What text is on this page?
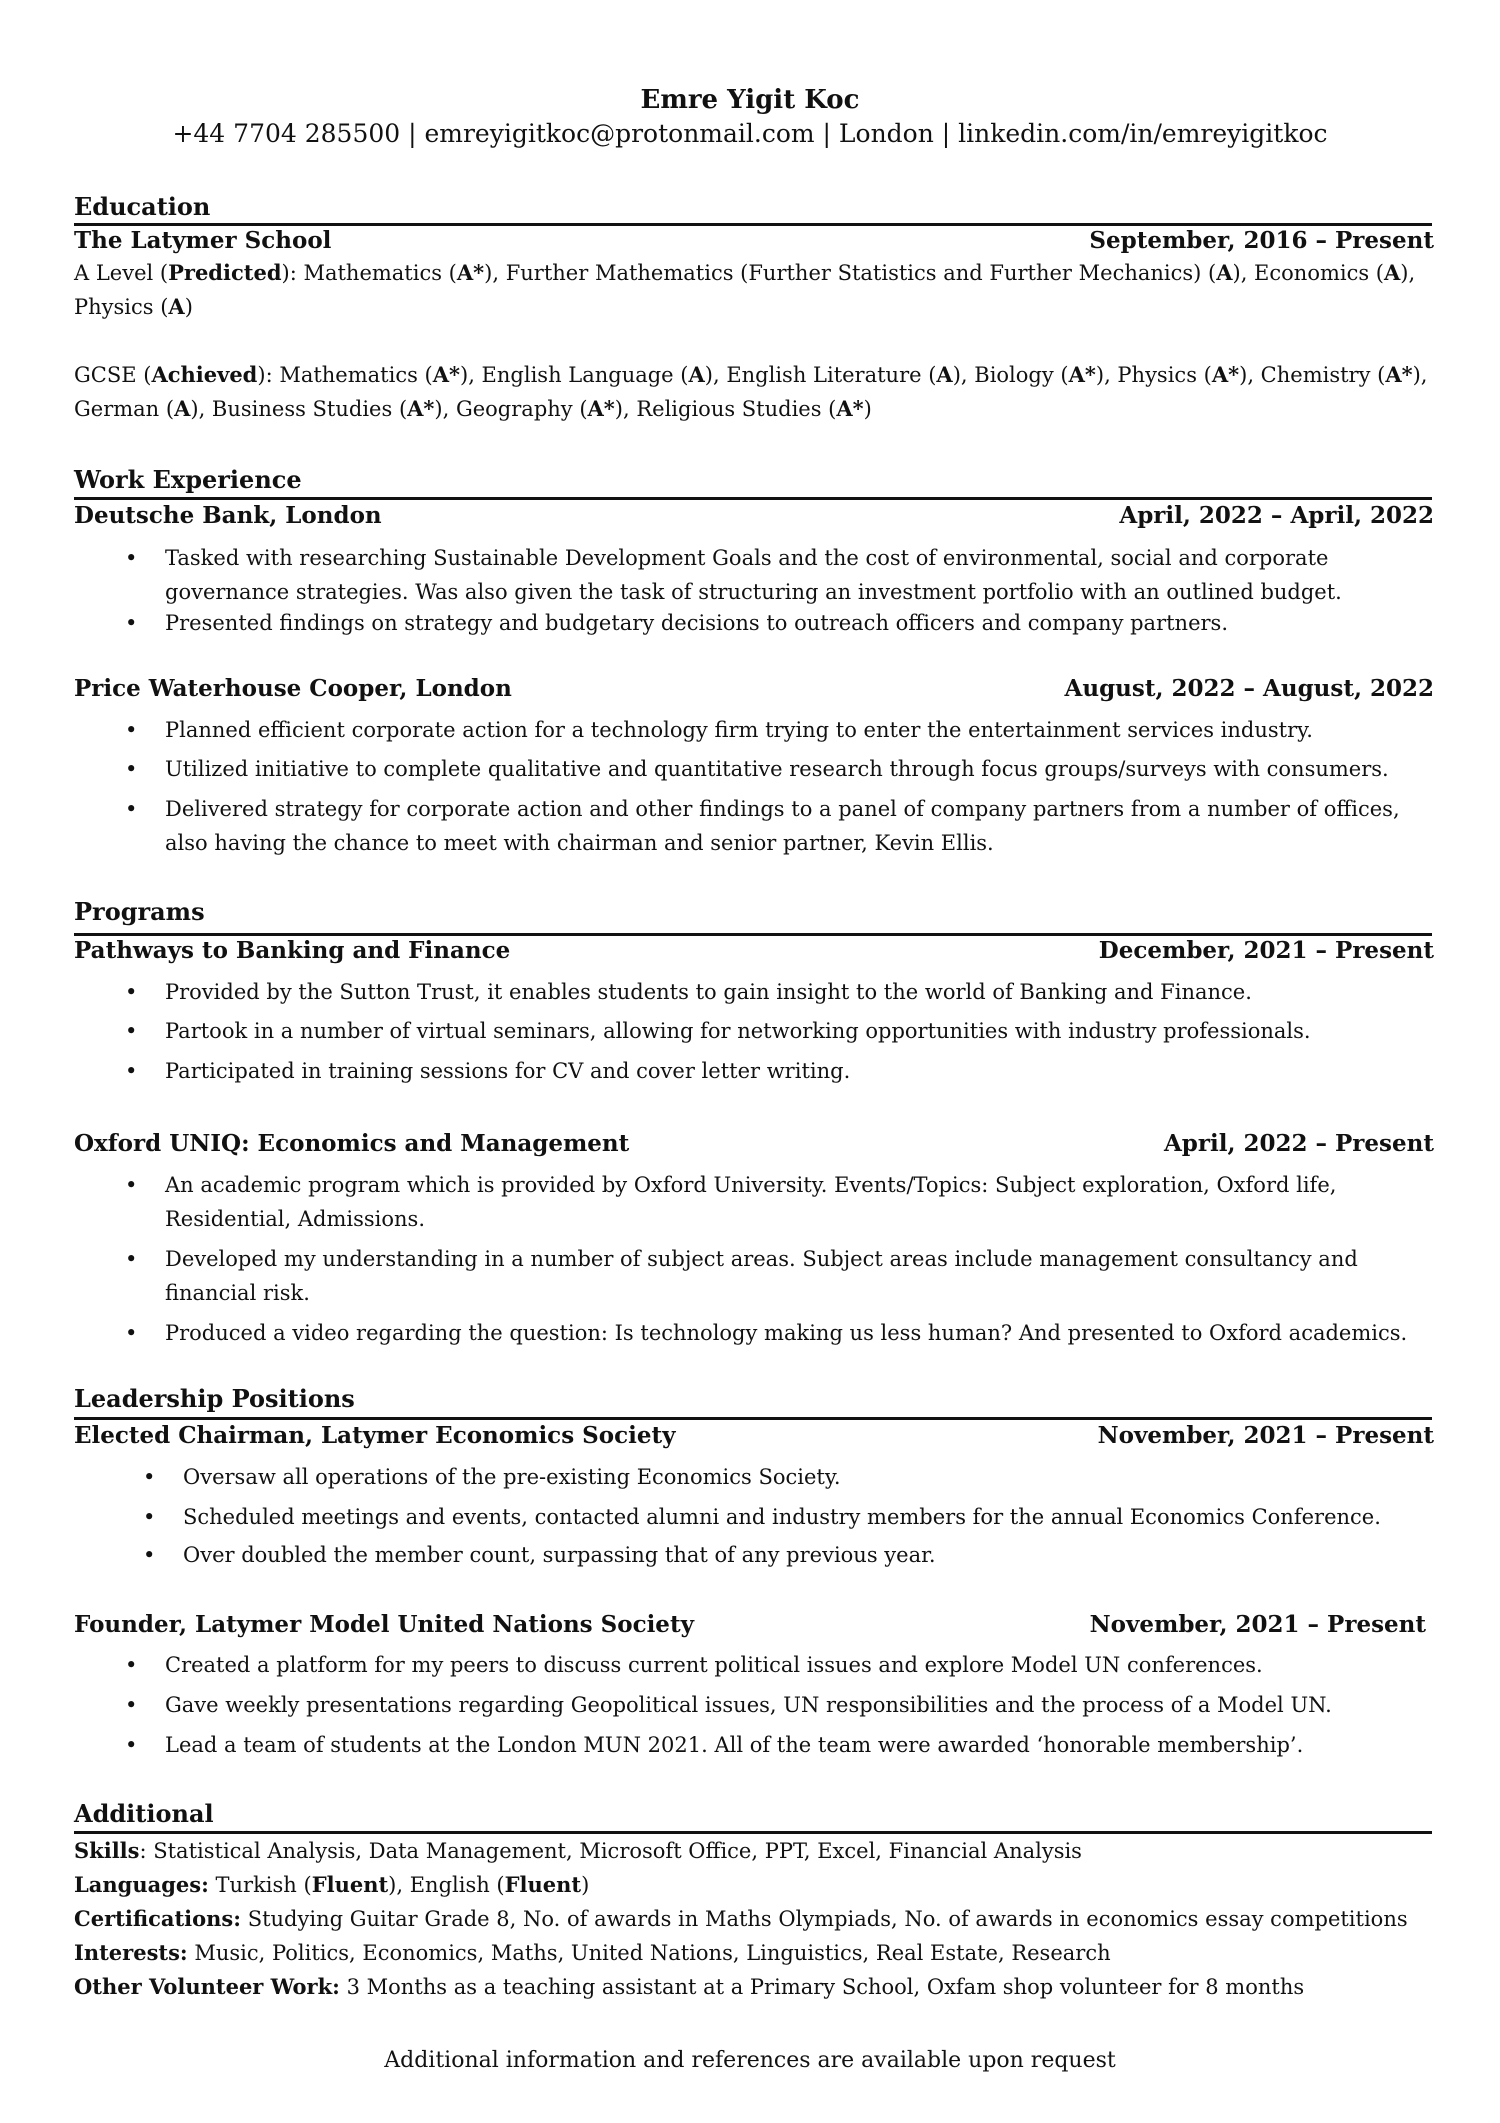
Emre Yigit Koc
+44 7704 285500 | emreyigitkoc@protonmail.com | London | linkedin.com/in/emreyigitkoc
Education
The Latymer School	September, 2016 – Present
A Level (Predicted): Mathematics (A*), Further Mathematics (Further Statistics and Further Mechanics) (A), Economics (A), Physics (A)
GCSE (Achieved): Mathematics (A*), English Language (A), English Literature (A), Biology (A*), Physics (A*), Chemistry (A*), German (A), Business Studies (A*), Geography (A*), Religious Studies (A*)
Work Experience
Deutsche Bank, London	April, 2022 – April, 2022
• Tasked with researching Sustainable Development Goals and the cost of environmental, social and corporate governance strategies. Was also given the task of structuring an investment portfolio with an outlined budget.
• Presented findings on strategy and budgetary decisions to outreach officers and company partners.
Price Waterhouse Cooper, London	August, 2022 – August, 2022
• Planned efficient corporate action for a technology firm trying to enter the entertainment services industry.
• Utilized initiative to complete qualitative and quantitative research through focus groups/surveys with consumers.
• Delivered strategy for corporate action and other findings to a panel of company partners from a number of offices, also having the chance to meet with chairman and senior partner, Kevin Ellis.
Programs
Pathways to Banking and Finance	December, 2021 – Present
• Provided by the Sutton Trust, it enables students to gain insight to the world of Banking and Finance.
• Partook in a number of virtual seminars, allowing for networking opportunities with industry professionals.
• Participated in training sessions for CV and cover letter writing.
Oxford UNIQ: Economics and Management	April, 2022 – Present
• An academic program which is provided by Oxford University. Events/Topics: Subject exploration, Oxford life, Residential, Admissions.
• Developed my understanding in a number of subject areas. Subject areas include management consultancy and financial risk.
• Produced a video regarding the question: Is technology making us less human? And presented to Oxford academics.
Leadership Positions
Elected Chairman, Latymer Economics Society	November, 2021 – Present
• Oversaw all operations of the pre-existing Economics Society.
• Scheduled meetings and events, contacted alumni and industry members for the annual Economics Conference.
• Over doubled the member count, surpassing that of any previous year.
Founder, Latymer Model United Nations Society	November, 2021 – Present
• Created a platform for my peers to discuss current political issues and explore Model UN conferences.
• Gave weekly presentations regarding Geopolitical issues, UN responsibilities and the process of a Model UN.
• Lead a team of students at the London MUN 2021. All of the team were awarded ‘honorable membership’.
Additional
Skills: Statistical Analysis, Data Management, Microsoft Office, PPT, Excel, Financial Analysis
Languages: Turkish (Fluent), English (Fluent)
Certifications: Studying Guitar Grade 8, No. of awards in Maths Olympiads, No. of awards in economics essay competitions
Interests: Music, Politics, Economics, Maths, United Nations, Linguistics, Real Estate, Research
Other Volunteer Work: 3 Months as a teaching assistant at a Primary School, Oxfam shop volunteer for 8 months
Additional information and references are available upon request
